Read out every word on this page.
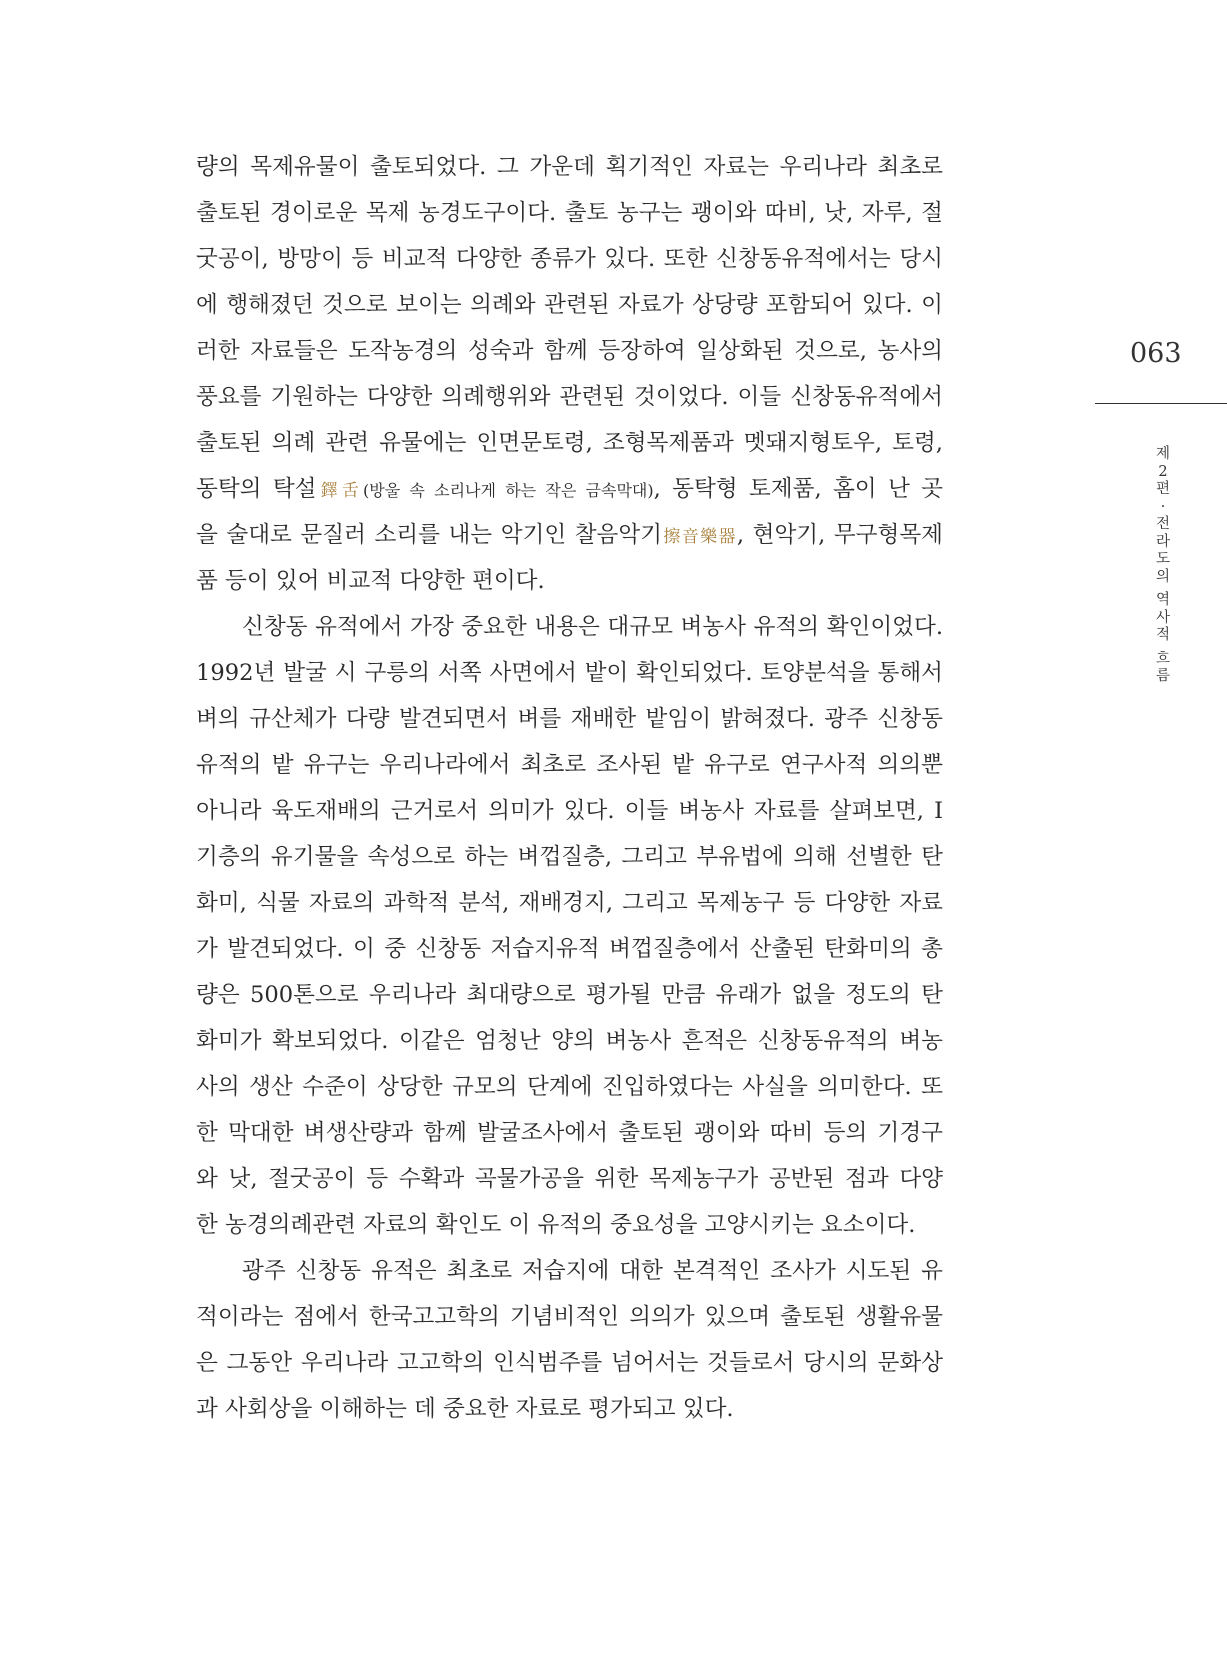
량의 목제유물이 출토되었다. 그 가운데 획기적인 자료는 우리나라 최초로
출토된 경이로운 목제 농경도구이다. 출토 농구는 괭이와 따비, 낫, 자루, 절
굿공이, 방망이 등 비교적 다양한 종류가 있다. 또한 신창동유적에서는 당시
에 행해졌던 것으로 보이는 의례와 관련된 자료가 상당량 포함되어 있다. 이
러한 자료들은 도작농경의 성숙과 함께 등장하여 일상화된 것으로, 농사의
풍요를 기원하는 다양한 의례행위와 관련된 것이었다. 이들 신창동유적에서
출토된 의례 관련 유물에는 인면문토령, 조형목제품과 멧돼지형토우, 토령,
동탁의 탁설鐸舌(방울 속 소리나게 하는 작은 금속막대), 동탁형 토제품, 홈이 난 곳
을 술대로 문질러 소리를 내는 악기인 찰음악기擦音樂器, 현악기, 무구형목제
품 등이 있어 비교적 다양한 편이다.
신창동 유적에서 가장 중요한 내용은 대규모 벼농사 유적의 확인이었다.
1992년 발굴 시 구릉의 서쪽 사면에서 밭이 확인되었다. 토양분석을 통해서
벼의 규산체가 다량 발견되면서 벼를 재배한 밭임이 밝혀졌다. 광주 신창동
유적의 밭 유구는 우리나라에서 최초로 조사된 밭 유구로 연구사적 의의뿐
아니라 육도재배의 근거로서 의미가 있다. 이들 벼농사 자료를 살펴보면, Ⅰ
기층의 유기물을 속성으로 하는 벼껍질층, 그리고 부유법에 의해 선별한 탄
화미, 식물 자료의 과학적 분석, 재배경지, 그리고 목제농구 등 다양한 자료
가 발견되었다. 이 중 신창동 저습지유적 벼껍질층에서 산출된 탄화미의 총
량은 500톤으로 우리나라 최대량으로 평가될 만큼 유래가 없을 정도의 탄
화미가 확보되었다. 이같은 엄청난 양의 벼농사 흔적은 신창동유적의 벼농
사의 생산 수준이 상당한 규모의 단계에 진입하였다는 사실을 의미한다. 또
한 막대한 벼생산량과 함께 발굴조사에서 출토된 괭이와 따비 등의 기경구
와 낫, 절굿공이 등 수확과 곡물가공을 위한 목제농구가 공반된 점과 다양
한 농경의례관련 자료의 확인도 이 유적의 중요성을 고양시키는 요소이다.
광주 신창동 유적은 최초로 저습지에 대한 본격적인 조사가 시도된 유
적이라는 점에서 한국고고학의 기념비적인 의의가 있으며 출토된 생활유물
은 그동안 우리나라 고고학의 인식범주를 넘어서는 것들로서 당시의 문화상
과 사회상을 이해하는 데 중요한 자료로 평가되고 있다.
063
제
2
편
·
전
라
도
의
역
사
적
흐
름
